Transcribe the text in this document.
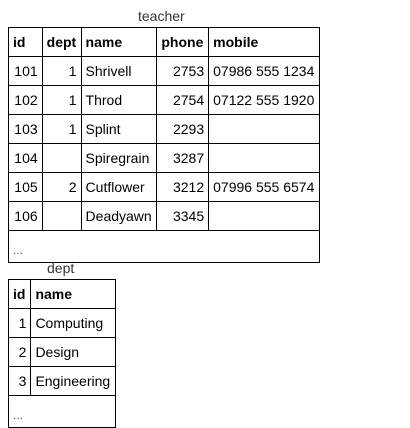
teacher
id	dept	name	phone	mobile
101	1	Shrivell	2753	07986 555 1234
102	1	Throd	2754	07122 555 1920
103	1	Splint	2293	
104		Spiregrain	3287	
105	2	Cutflower	3212	07996 555 6574
106		Deadyawn	3345	
...				
dept
id	name
1	Computing
2	Design
3	Engineering
...	
